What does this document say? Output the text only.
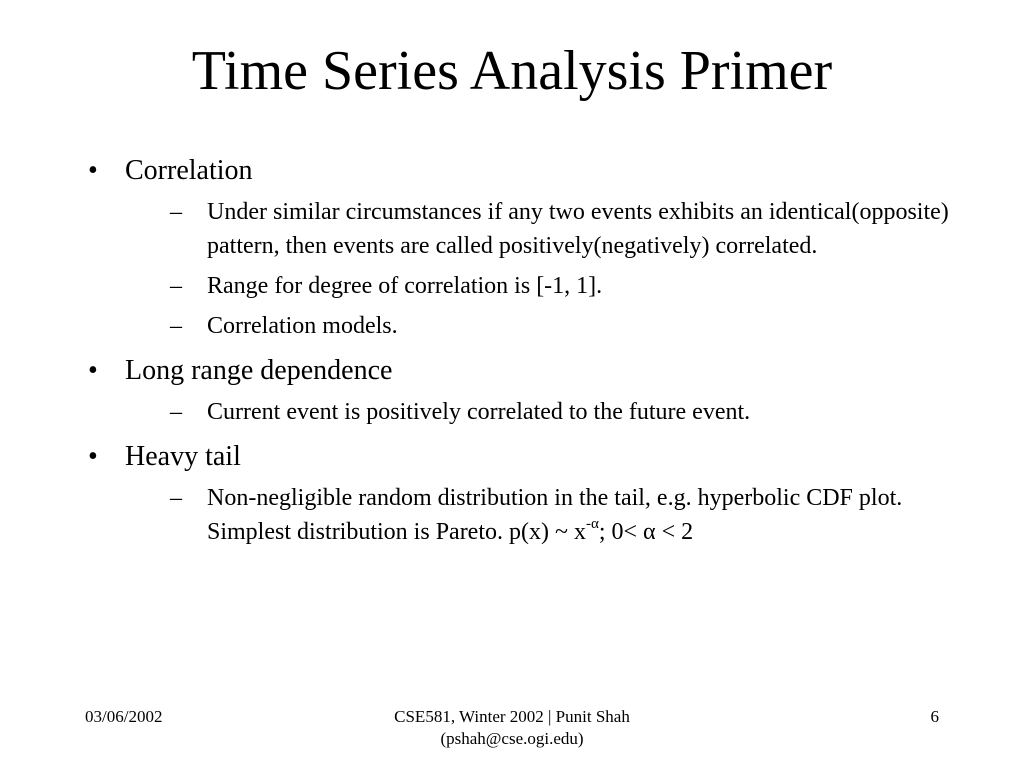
Time Series Analysis Primer
• Correlation
– Under similar circumstances if any two events exhibits an identical(opposite) pattern, then events are called positively(negatively) correlated.
– Range for degree of correlation is [-1, 1].
– Correlation models.
• Long range dependence
– Current event is positively correlated to the future event.
• Heavy tail
– Non-negligible random distribution in the tail, e.g. hyperbolic CDF plot. Simplest distribution is Pareto. p(x) ~ $x^{-\alpha}$; 0< α < 2
03/06/2002	CSE581, Winter 2002 | Punit Shah
(pshah@cse.ogi.edu)
6
